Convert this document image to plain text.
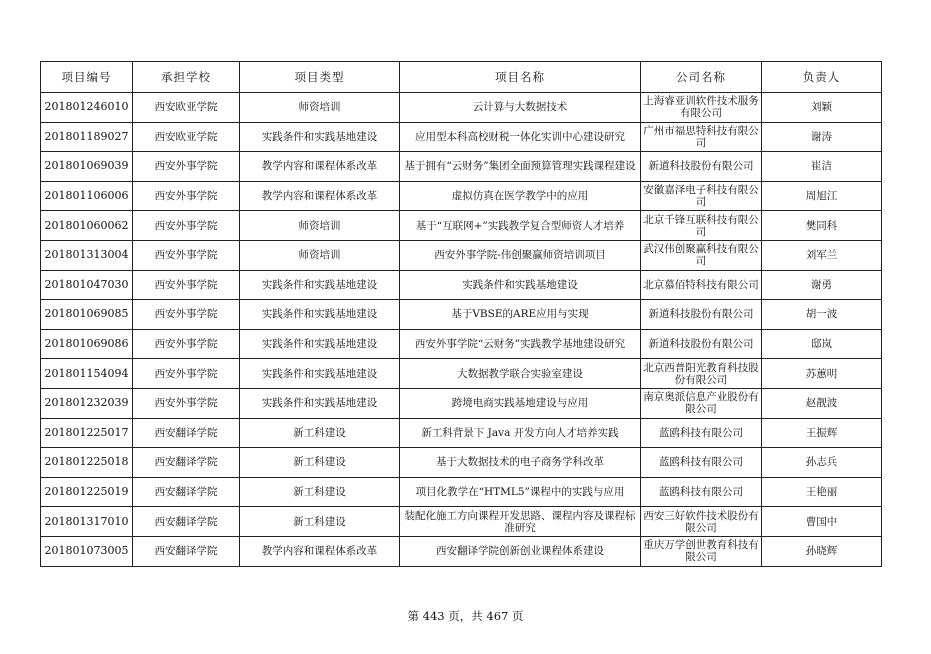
项目编号	承担学校	项目类型	项目名称	公司名称	负责人
201801246010	西安欧亚学院	师资培训	云计算与大数据技术	上海睿亚训软件技术服务有限公司	刘颖
201801189027	西安欧亚学院	实践条件和实践基地建设	应用型本科高校财税一体化实训中心建设研究	广州市福思特科技有限公司	谢涛
201801069039	西安外事学院	教学内容和课程体系改革	基于拥有“云财务”集团全面预算管理实践课程建设	新道科技股份有限公司	崔洁
201801106006	西安外事学院	教学内容和课程体系改革	虚拟仿真在医学教学中的应用	安徽嘉泽电子科技有限公司	周旭江
201801060062	西安外事学院	师资培训	基于“互联网+”实践教学复合型师资人才培养	北京千锋互联科技有限公司	樊同科
201801313004	西安外事学院	师资培训	西安外事学院-伟创聚赢师资培训项目	武汉伟创聚赢科技有限公司	刘军兰
201801047030	西安外事学院	实践条件和实践基地建设	实践条件和实践基地建设	北京慕佰特科技有限公司	谢勇
201801069085	西安外事学院	实践条件和实践基地建设	基于VBSE的ARE应用与实现	新道科技股份有限公司	胡一波
201801069086	西安外事学院	实践条件和实践基地建设	西安外事学院“云财务”实践教学基地建设研究	新道科技股份有限公司	邸岚
201801154094	西安外事学院	实践条件和实践基地建设	大数据教学联合实验室建设	北京西普阳光教育科技股份有限公司	苏蕙明
201801232039	西安外事学院	实践条件和实践基地建设	跨境电商实践基地建设与应用	南京奥派信息产业股份有限公司	赵靓波
201801225017	西安翻译学院	新工科建设	新工科背景下 Java 开发方向人才培养实践	蓝鸥科技有限公司	王振辉
201801225018	西安翻译学院	新工科建设	基于大数据技术的电子商务学科改革	蓝鸥科技有限公司	孙志兵
201801225019	西安翻译学院	新工科建设	项目化教学在“HTML5”课程中的实践与应用	蓝鸥科技有限公司	王艳丽
201801317010	西安翻译学院	新工科建设	装配化施工方向课程开发思路、课程内容及课程标准研究	西安三好软件技术股份有限公司	曹国中
201801073005	西安翻译学院	教学内容和课程体系改革	西安翻译学院创新创业课程体系建设	重庆万学创世教育科技有限公司	孙晓辉
第 443 页，共 467 页
